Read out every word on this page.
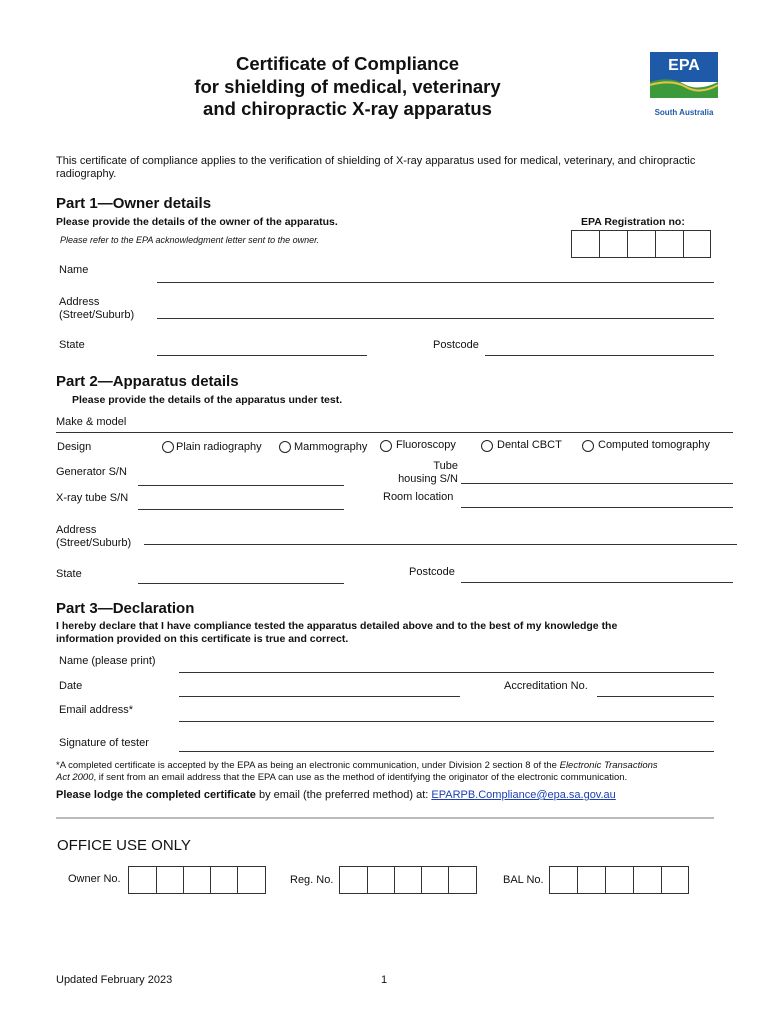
Certificate of Compliance
for shielding of medical, veterinary
and chiropractic X-ray apparatus
EPA
South Australia
This certificate of compliance applies to the verification of shielding of X-ray apparatus used for medical, veterinary, and chiropractic radiography.
Part 1—Owner details
Please provide the details of the owner of the apparatus.	EPA Registration no:
Please refer to the EPA acknowledgment letter sent to the owner.
Name
Address
(Street/Suburb)
State	Postcode
Part 2—Apparatus details
Please provide the details of the apparatus under test.
Make & model
Design	Plain radiography	Mammography	Fluoroscopy	Dental CBCT	Computed tomography
Generator S/N	Tube
housing S/N
X-ray tube S/N	Room location
Address
(Street/Suburb)
State	Postcode
Part 3—Declaration
I hereby declare that I have compliance tested the apparatus detailed above and to the best of my knowledge the
information provided on this certificate is true and correct.
Name (please print)
Date	Accreditation No.
Email address*
Signature of tester
*A completed certificate is accepted by the EPA as being an electronic communication, under Division 2 section 8 of the Electronic Transactions
Act 2000, if sent from an email address that the EPA can use as the method of identifying the originator of the electronic communication.
Please lodge the completed certificate by email (the preferred method) at: EPARPB.Compliance@epa.sa.gov.au
OFFICE USE ONLY
Owner No.	Reg. No.	BAL No.
Updated February 2023	1
